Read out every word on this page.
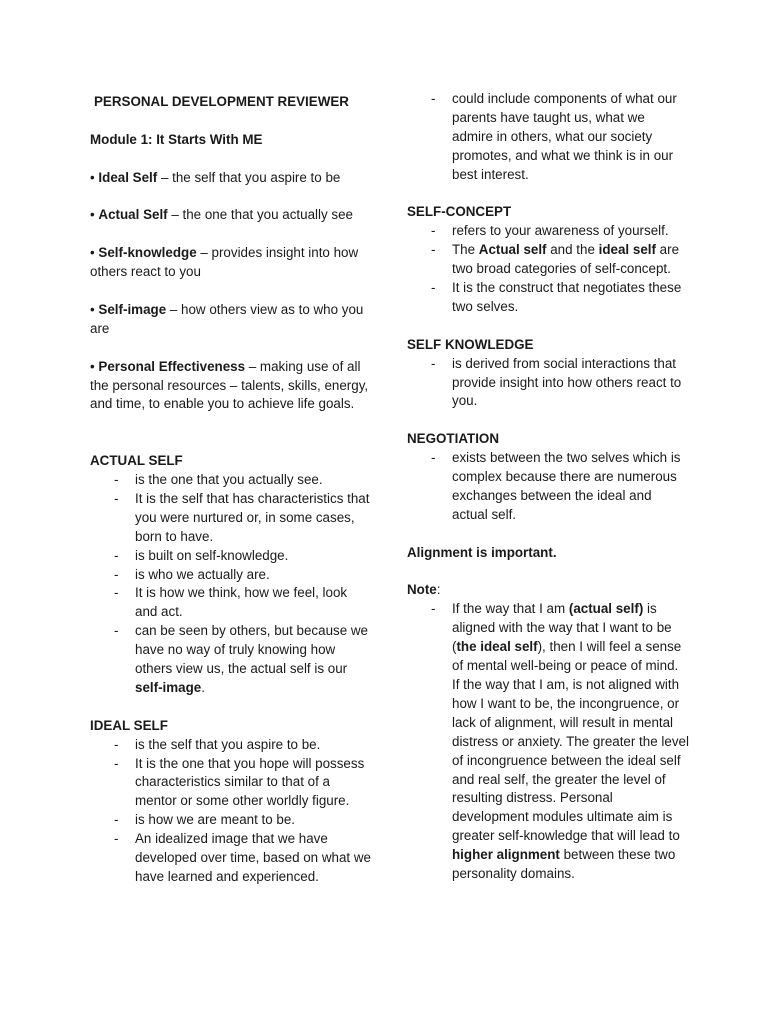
PERSONAL DEVELOPMENT REVIEWER
Module 1: It Starts With ME
• Ideal Self – the self that you aspire to be
• Actual Self – the one that you actually see
• Self-knowledge – provides insight into how others react to you
• Self-image – how others view as to who you are
• Personal Effectiveness – making use of all the personal resources – talents, skills, energy, and time, to enable you to achieve life goals.
ACTUAL SELF
- is the one that you actually see.
- It is the self that has characteristics that you were nurtured or, in some cases, born to have.
- is built on self-knowledge.
- is who we actually are.
- It is how we think, how we feel, look and act.
- can be seen by others, but because we have no way of truly knowing how others view us, the actual self is our self-image.
IDEAL SELF
- is the self that you aspire to be.
- It is the one that you hope will possess characteristics similar to that of a mentor or some other worldly figure.
- is how we are meant to be.
- An idealized image that we have developed over time, based on what we have learned and experienced.
- could include components of what our parents have taught us, what we admire in others, what our society promotes, and what we think is in our best interest.
SELF-CONCEPT
- refers to your awareness of yourself.
- The Actual self and the ideal self are two broad categories of self-concept.
- It is the construct that negotiates these two selves.
SELF KNOWLEDGE
- is derived from social interactions that provide insight into how others react to you.
NEGOTIATION
- exists between the two selves which is complex because there are numerous exchanges between the ideal and actual self.
Alignment is important.
Note:
- If the way that I am (actual self) is aligned with the way that I want to be (the ideal self), then I will feel a sense of mental well-being or peace of mind. If the way that I am, is not aligned with how I want to be, the incongruence, or lack of alignment, will result in mental distress or anxiety. The greater the level of incongruence between the ideal self and real self, the greater the level of resulting distress. Personal development modules ultimate aim is greater self-knowledge that will lead to higher alignment between these two personality domains.
